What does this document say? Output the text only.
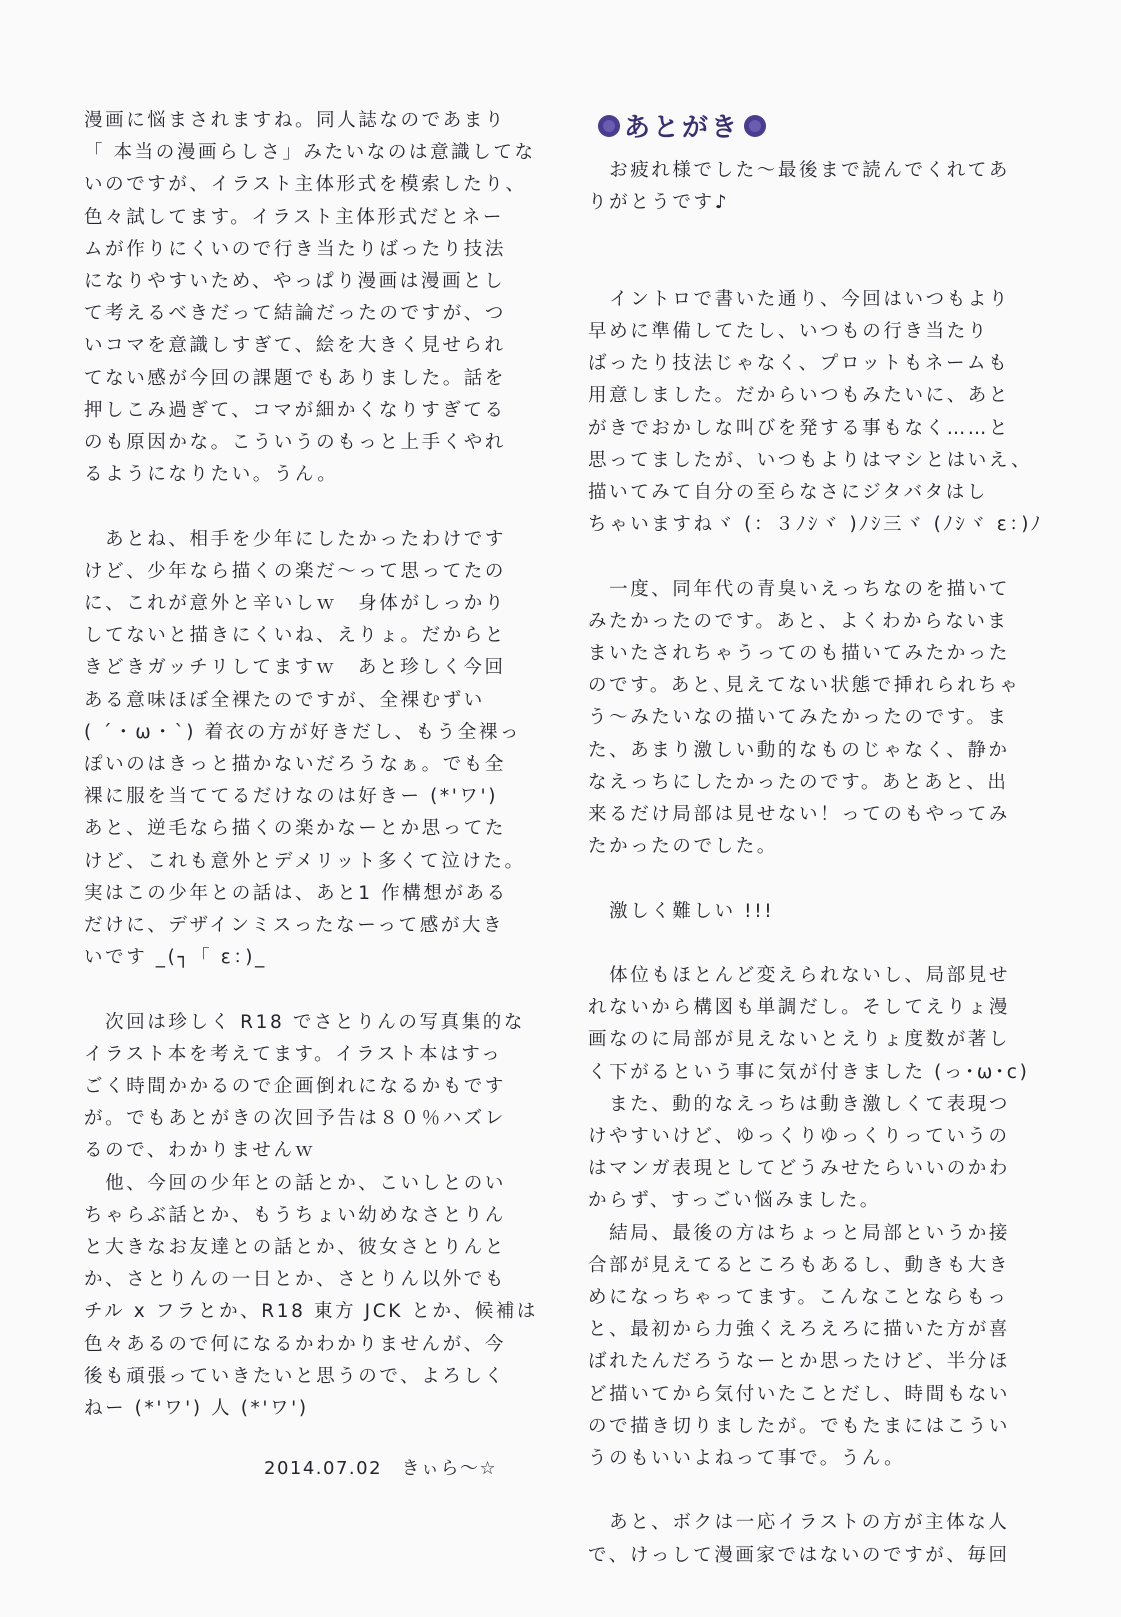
漫画に悩まされますね。同人誌なのであまり
「 本当の漫画らしさ」みたいなのは意識してな
いのですが、イラスト主体形式を模索したり、
色々試してます。イラスト主体形式だとネー
ムが作りにくいので行き当たりばったり技法
になりやすいため、やっぱり漫画は漫画とし
て考えるべきだって結論だったのですが、つ
いコマを意識しすぎて、絵を大きく見せられ
てない感が今回の課題でもありました。話を
押しこみ過ぎて、コマが細かくなりすぎてる
のも原因かな。こういうのもっと上手くやれ
るようになりたい。うん。
　あとね、相手を少年にしたかったわけです
けど、少年なら描くの楽だ～って思ってたの
に、これが意外と辛いしｗ　身体がしっかり
してないと描きにくいね、えりょ。だからと
きどきガッチリしてますｗ　あと珍しく今回
ある意味ほぼ全裸たのですが、全裸むずい
( ´・ω・`) 着衣の方が好きだし、もう全裸っ
ぽいのはきっと描かないだろうなぁ。でも全
裸に服を当ててるだけなのは好きー (*'ワ')
あと、逆毛なら描くの楽かなーとか思ってた
けど、これも意外とデメリット多くて泣けた。
実はこの少年との話は、あと1 作構想がある
だけに、デザインミスったなーって感が大き
いです _(┐「 ε：)_
　次回は珍しく R18 でさとりんの写真集的な
イラスト本を考えてます。イラスト本はすっ
ごく時間かかるので企画倒れになるかもです
が。でもあとがきの次回予告は８０％ハズレ
るので、わかりませんｗ
　他、今回の少年との話とか、こいしとのい
ちゃらぶ話とか、もうちょい幼めなさとりん
と大きなお友達との話とか、彼女さとりんと
か、さとりんの一日とか、さとりん以外でも
チル x フラとか、R18 東方 JCK とか、候補は
色々あるので何になるかわかりませんが、今
後も頑張っていきたいと思うので、よろしく
ねー (*'ワ') 人 (*'ワ')
あとがき
　お疲れ様でした～最後まで読んでくれてあ
りがとうです♪
　イントロで書いた通り、今回はいつもより
早めに準備してたし、いつもの行き当たり
ばったり技法じゃなく、プロットもネームも
用意しました。だからいつもみたいに、あと
がきでおかしな叫びを発する事もなく……と
思ってましたが、いつもよりはマシとはいえ、
描いてみて自分の至らなさにジタバタはし
ちゃいますねヾ (：３ﾉｼヾ )ﾉｼ三ヾ (ﾉｼヾ ε：)ﾉ
　一度、同年代の青臭いえっちなのを描いて
みたかったのです。あと、よくわからないま
まいたされちゃうってのも描いてみたかった
のです。あと､見えてない状態で挿れられちゃ
う～みたいなの描いてみたかったのです。ま
た、あまり激しい動的なものじゃなく、静か
なえっちにしたかったのです。あとあと、出
来るだけ局部は見せない！ってのもやってみ
たかったのでした。
　激しく難しい !!!
　体位もほとんど変えられないし、局部見せ
れないから構図も単調だし。そしてえりょ漫
画なのに局部が見えないとえりょ度数が著し
く下がるという事に気が付きました (っ･ω･c)
　また、動的なえっちは動き激しくて表現つ
けやすいけど、ゆっくりゆっくりっていうの
はマンガ表現としてどうみせたらいいのかわ
からず、すっごい悩みました。
　結局、最後の方はちょっと局部というか接
合部が見えてるところもあるし、動きも大き
めになっちゃってます。こんなことならもっ
と、最初から力強くえろえろに描いた方が喜
ばれたんだろうなーとか思ったけど、半分ほ
ど描いてから気付いたことだし、時間もない
ので描き切りましたが。でもたまにはこうい
うのもいいよねって事で。うん。
　あと、ボクは一応イラストの方が主体な人
で、けっして漫画家ではないのですが、毎回
2014.07.02　きぃら～☆
